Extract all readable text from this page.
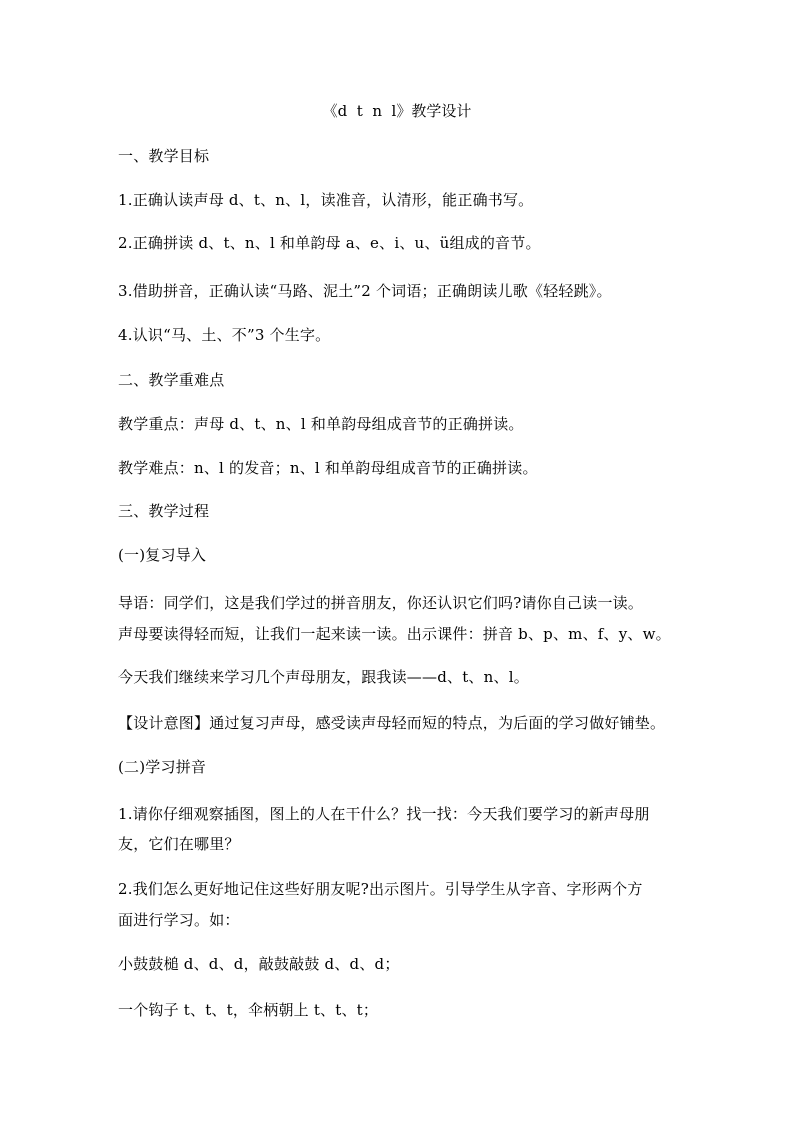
《d  t  n  l》教学设计
一、教学目标
1.正确认读声母 d、t、n、l，读准音，认清形，能正确书写。
2.正确拼读 d、t、n、l 和单韵母 a、e、i、u、ü组成的音节。
3.借助拼音，正确认读“马路、泥土”2 个词语；正确朗读儿歌《轻轻跳》。
4.认识“马、土、不”3 个生字。
二、教学重难点
教学重点：声母 d、t、n、l 和单韵母组成音节的正确拼读。
教学难点：n、l 的发音；n、l 和单韵母组成音节的正确拼读。
三、教学过程
(一)复习导入
导语：同学们，这是我们学过的拼音朋友，你还认识它们吗?请你自己读一读。
声母要读得轻而短，让我们一起来读一读。出示课件：拼音 b、p、m、f、y、w。
今天我们继续来学习几个声母朋友，跟我读——d、t、n、l。
【设计意图】通过复习声母，感受读声母轻而短的特点，为后面的学习做好铺垫。
(二)学习拼音
1.请你仔细观察插图，图上的人在干什么？找一找：今天我们要学习的新声母朋
友，它们在哪里？
2.我们怎么更好地记住这些好朋友呢?出示图片。引导学生从字音、字形两个方
面进行学习。如：
小鼓鼓槌 d、d、d，敲鼓敲鼓 d、d、d；
一个钩子 t、t、t，伞柄朝上 t、t、t；
